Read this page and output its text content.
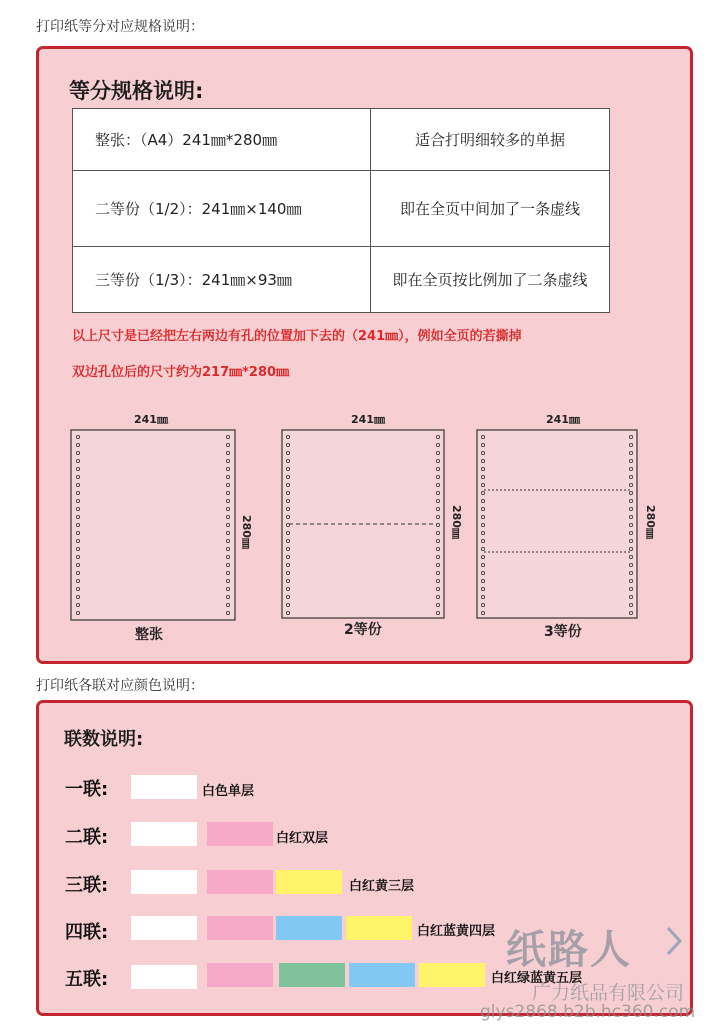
打印纸等分对应规格说明：
等分规格说明:
整张：（A4）241㎜*280㎜	适合打明细较多的单据
二等份（1/2）：241㎜×140㎜	即在全页中间加了一条虚线
三等份（1/3）：241㎜×93㎜	即在全页按比例加了二条虚线
以上尺寸是已经把左右两边有孔的位置加下去的（241㎜），例如全页的若撕掉
双边孔位后的尺寸约为217㎜*280㎜
241㎜
280㎜
整张
241㎜
280㎜
2等份
241㎜
280㎜
3等份
打印纸各联对应颜色说明：
联数说明:
一联:	白色单层
二联:	白红双层
三联:	白红黄三层
四联:	白红蓝黄四层
五联:	白红绿蓝黄五层
纸路人
广力纸品有限公司
glys2868.b2b.hc360.com
